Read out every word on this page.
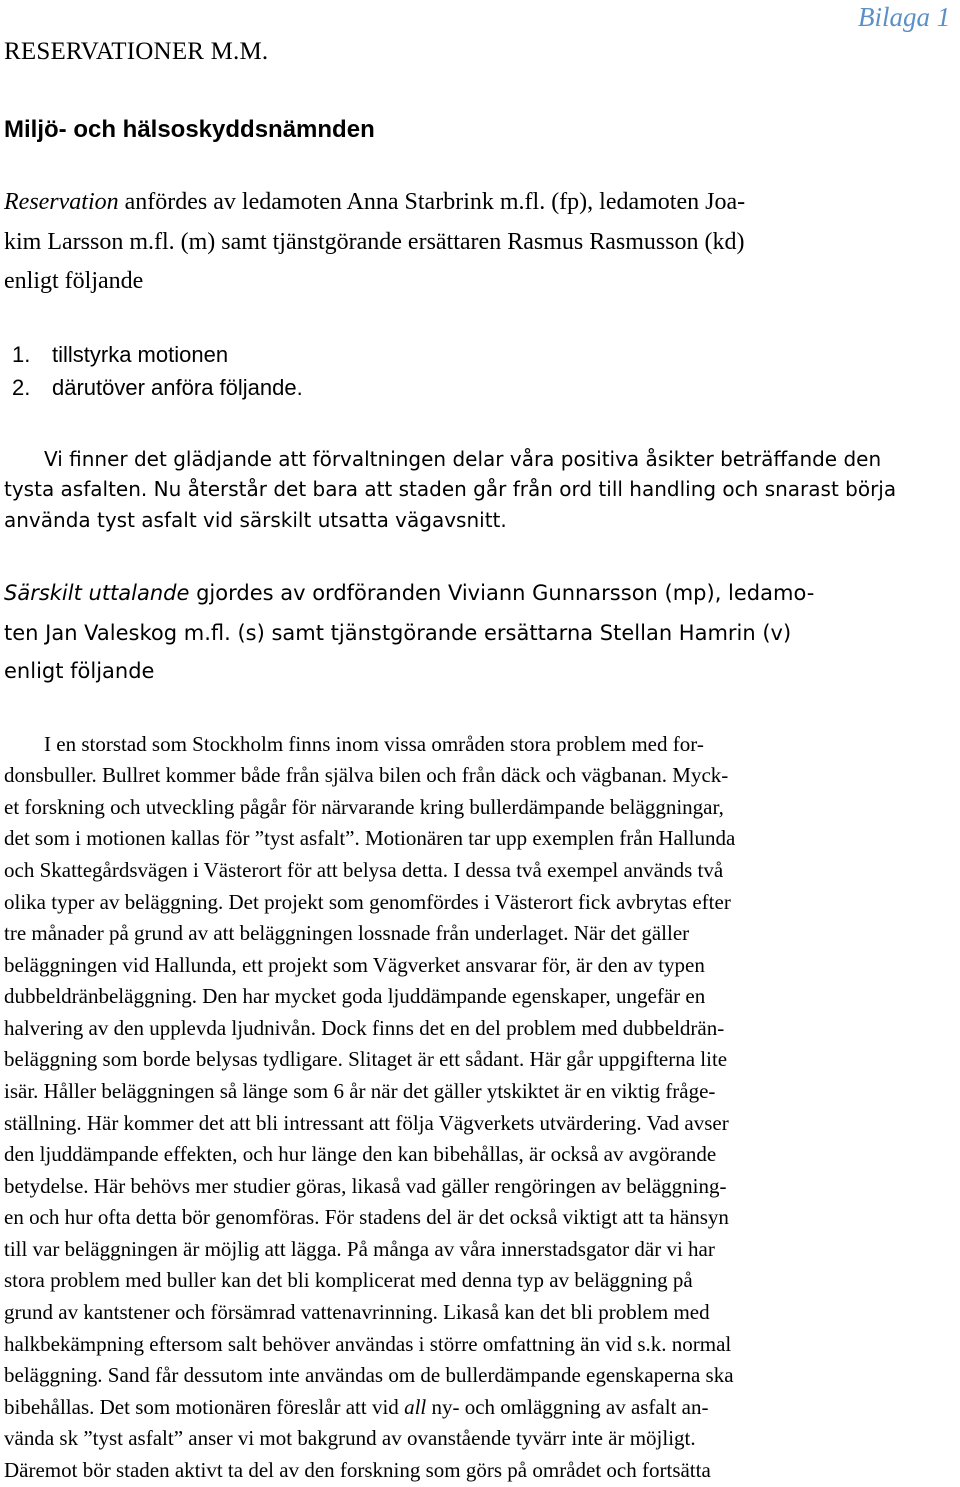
Bilaga 1
RESERVATIONER M.M.
Miljö- och hälsoskyddsnämnden
Reservation anfördes av ledamoten Anna Starbrink m.fl. (fp), ledamoten Joa-
kim Larsson m.fl. (m) samt tjänstgörande ersättaren Rasmus Rasmusson (kd)
enligt följande
1. tillstyrka motionen
2. därutöver anföra följande.
Vi finner det glädjande att förvaltningen delar våra positiva åsikter beträffande den
tysta asfalten. Nu återstår det bara att staden går från ord till handling och snarast börja
använda tyst asfalt vid särskilt utsatta vägavsnitt.
Särskilt uttalande gjordes av ordföranden Viviann Gunnarsson (mp), ledamo-
ten Jan Valeskog m.fl. (s) samt tjänstgörande ersättarna Stellan Hamrin (v)
enligt följande
I en storstad som Stockholm finns inom vissa områden stora problem med for-
donsbuller. Bullret kommer både från själva bilen och från däck och vägbanan. Myck-
et forskning och utveckling pågår för närvarande kring bullerdämpande beläggningar,
det som i motionen kallas för ”tyst asfalt”. Motionären tar upp exemplen från Hallunda
och Skattegårdsvägen i Västerort för att belysa detta. I dessa två exempel används två
olika typer av beläggning. Det projekt som genomfördes i Västerort fick avbrytas efter
tre månader på grund av att beläggningen lossnade från underlaget. När det gäller
beläggningen vid Hallunda, ett projekt som Vägverket ansvarar för, är den av typen
dubbeldränbeläggning. Den har mycket goda ljuddämpande egenskaper, ungefär en
halvering av den upplevda ljudnivån. Dock finns det en del problem med dubbeldrän-
beläggning som borde belysas tydligare. Slitaget är ett sådant. Här går uppgifterna lite
isär. Håller beläggningen så länge som 6 år när det gäller ytskiktet är en viktig fråge-
ställning. Här kommer det att bli intressant att följa Vägverkets utvärdering. Vad avser
den ljuddämpande effekten, och hur länge den kan bibehållas, är också av avgörande
betydelse. Här behövs mer studier göras, likaså vad gäller rengöringen av beläggning-
en och hur ofta detta bör genomföras. För stadens del är det också viktigt att ta hänsyn
till var beläggningen är möjlig att lägga. På många av våra innerstadsgator där vi har
stora problem med buller kan det bli komplicerat med denna typ av beläggning på
grund av kantstener och försämrad vattenavrinning. Likaså kan det bli problem med
halkbekämpning eftersom salt behöver användas i större omfattning än vid s.k. normal
beläggning. Sand får dessutom inte användas om de bullerdämpande egenskaperna ska
bibehållas. Det som motionären föreslår att vid all ny- och omläggning av asfalt an-
vända sk ”tyst asfalt” anser vi mot bakgrund av ovanstående tyvärr inte är möjligt.
Däremot bör staden aktivt ta del av den forskning som görs på området och fortsätta
